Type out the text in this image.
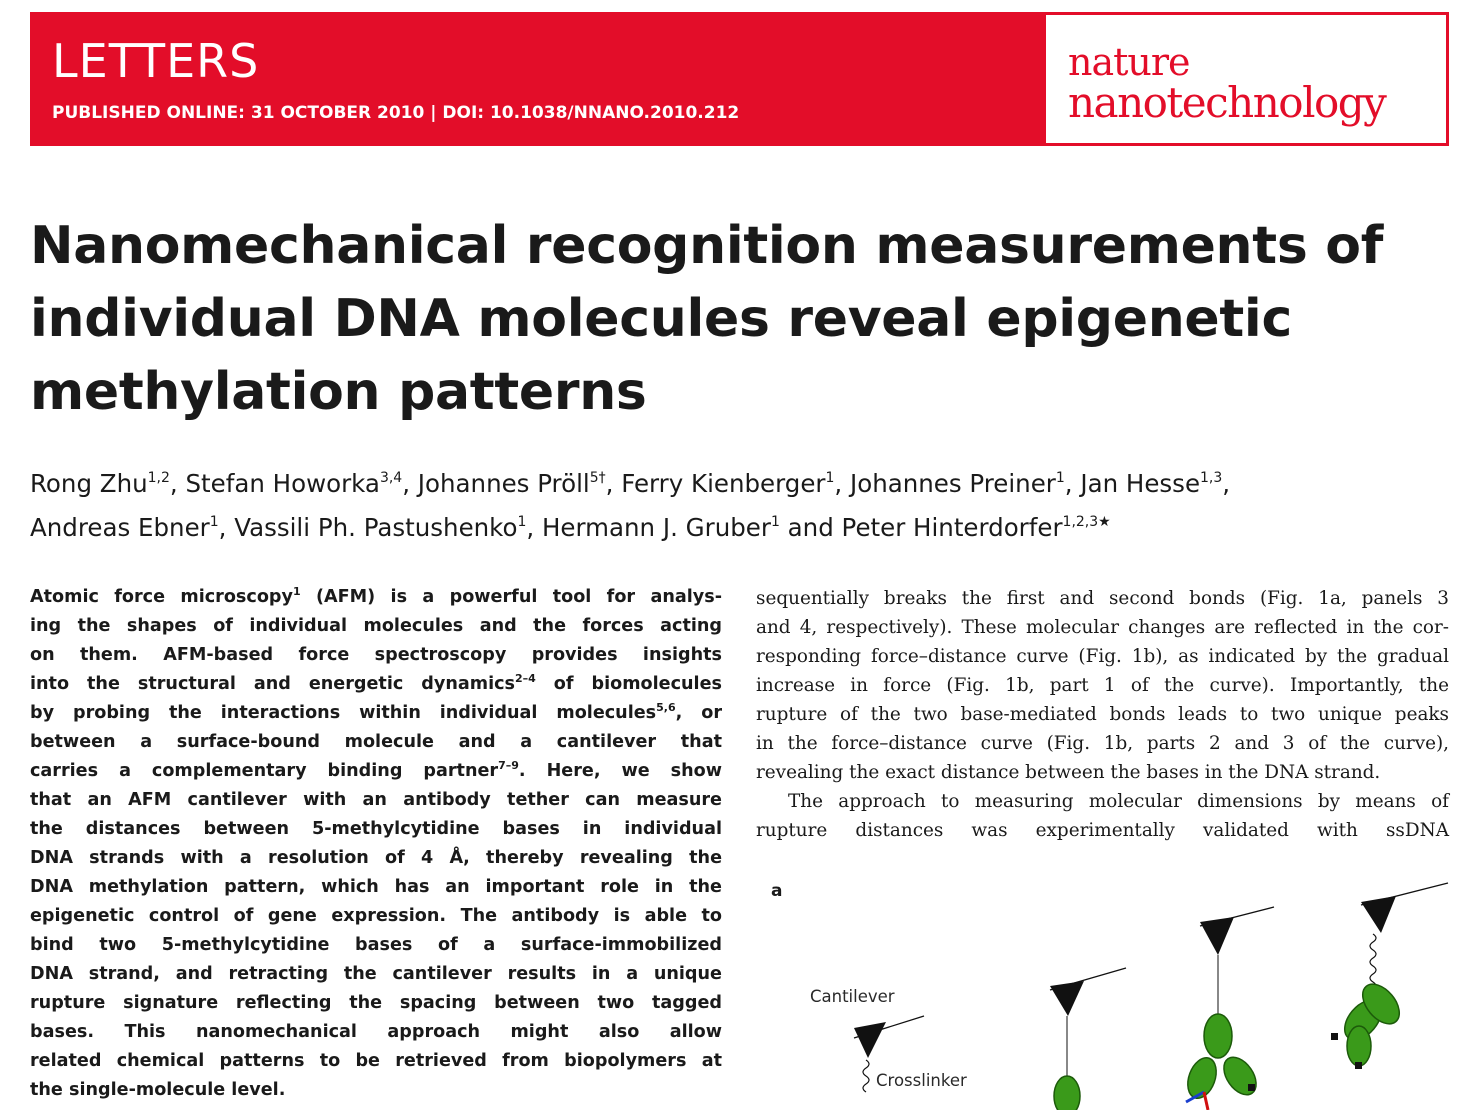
LETTERS
PUBLISHED ONLINE: 31 OCTOBER 2010 | DOI: 10.1038/NNANO.2010.212
nature
nanotechnology
Nanomechanical recognition measurements of
individual DNA molecules reveal epigenetic
methylation patterns
Rong Zhu$^{1,2}$, Stefan Howorka$^{3,4}$, Johannes Pröll$^{5\dagger}$, Ferry Kienberger$^1$, Johannes Preiner$^1$, Jan Hesse$^{1,3}$,
Andreas Ebner$^1$, Vassili Ph. Pastushenko$^1$, Hermann J. Gruber$^1$ and Peter Hinterdorfer$^{1,2,3★}$
Atomic force microscopy$^1$ (AFM) is a powerful tool for analys-
ing the shapes of individual molecules and the forces acting
on them. AFM-based force spectroscopy provides insights
into the structural and energetic dynamics$^{2-4}$ of biomolecules
by probing the interactions within individual molecules$^{5,6}$, or
between a surface-bound molecule and a cantilever that
carries a complementary binding partner$^{7-9}$. Here, we show
that an AFM cantilever with an antibody tether can measure
the distances between 5-methylcytidine bases in individual
DNA strands with a resolution of 4 Å, thereby revealing the
DNA methylation pattern, which has an important role in the
epigenetic control of gene expression. The antibody is able to
bind two 5-methylcytidine bases of a surface-immobilized
DNA strand, and retracting the cantilever results in a unique
rupture signature reflecting the spacing between two tagged
bases. This nanomechanical approach might also allow
related chemical patterns to be retrieved from biopolymers at
the single-molecule level.
sequentially breaks the first and second bonds (Fig. 1a, panels 3
and 4, respectively). These molecular changes are reflected in the cor-
responding force–distance curve (Fig. 1b), as indicated by the gradual
increase in force (Fig. 1b, part 1 of the curve). Importantly, the
rupture of the two base-mediated bonds leads to two unique peaks
in the force–distance curve (Fig. 1b, parts 2 and 3 of the curve),
revealing the exact distance between the bases in the DNA strand.
The approach to measuring molecular dimensions by means of
rupture distances was experimentally validated with ssDNA
a
Cantilever
Crosslinker
